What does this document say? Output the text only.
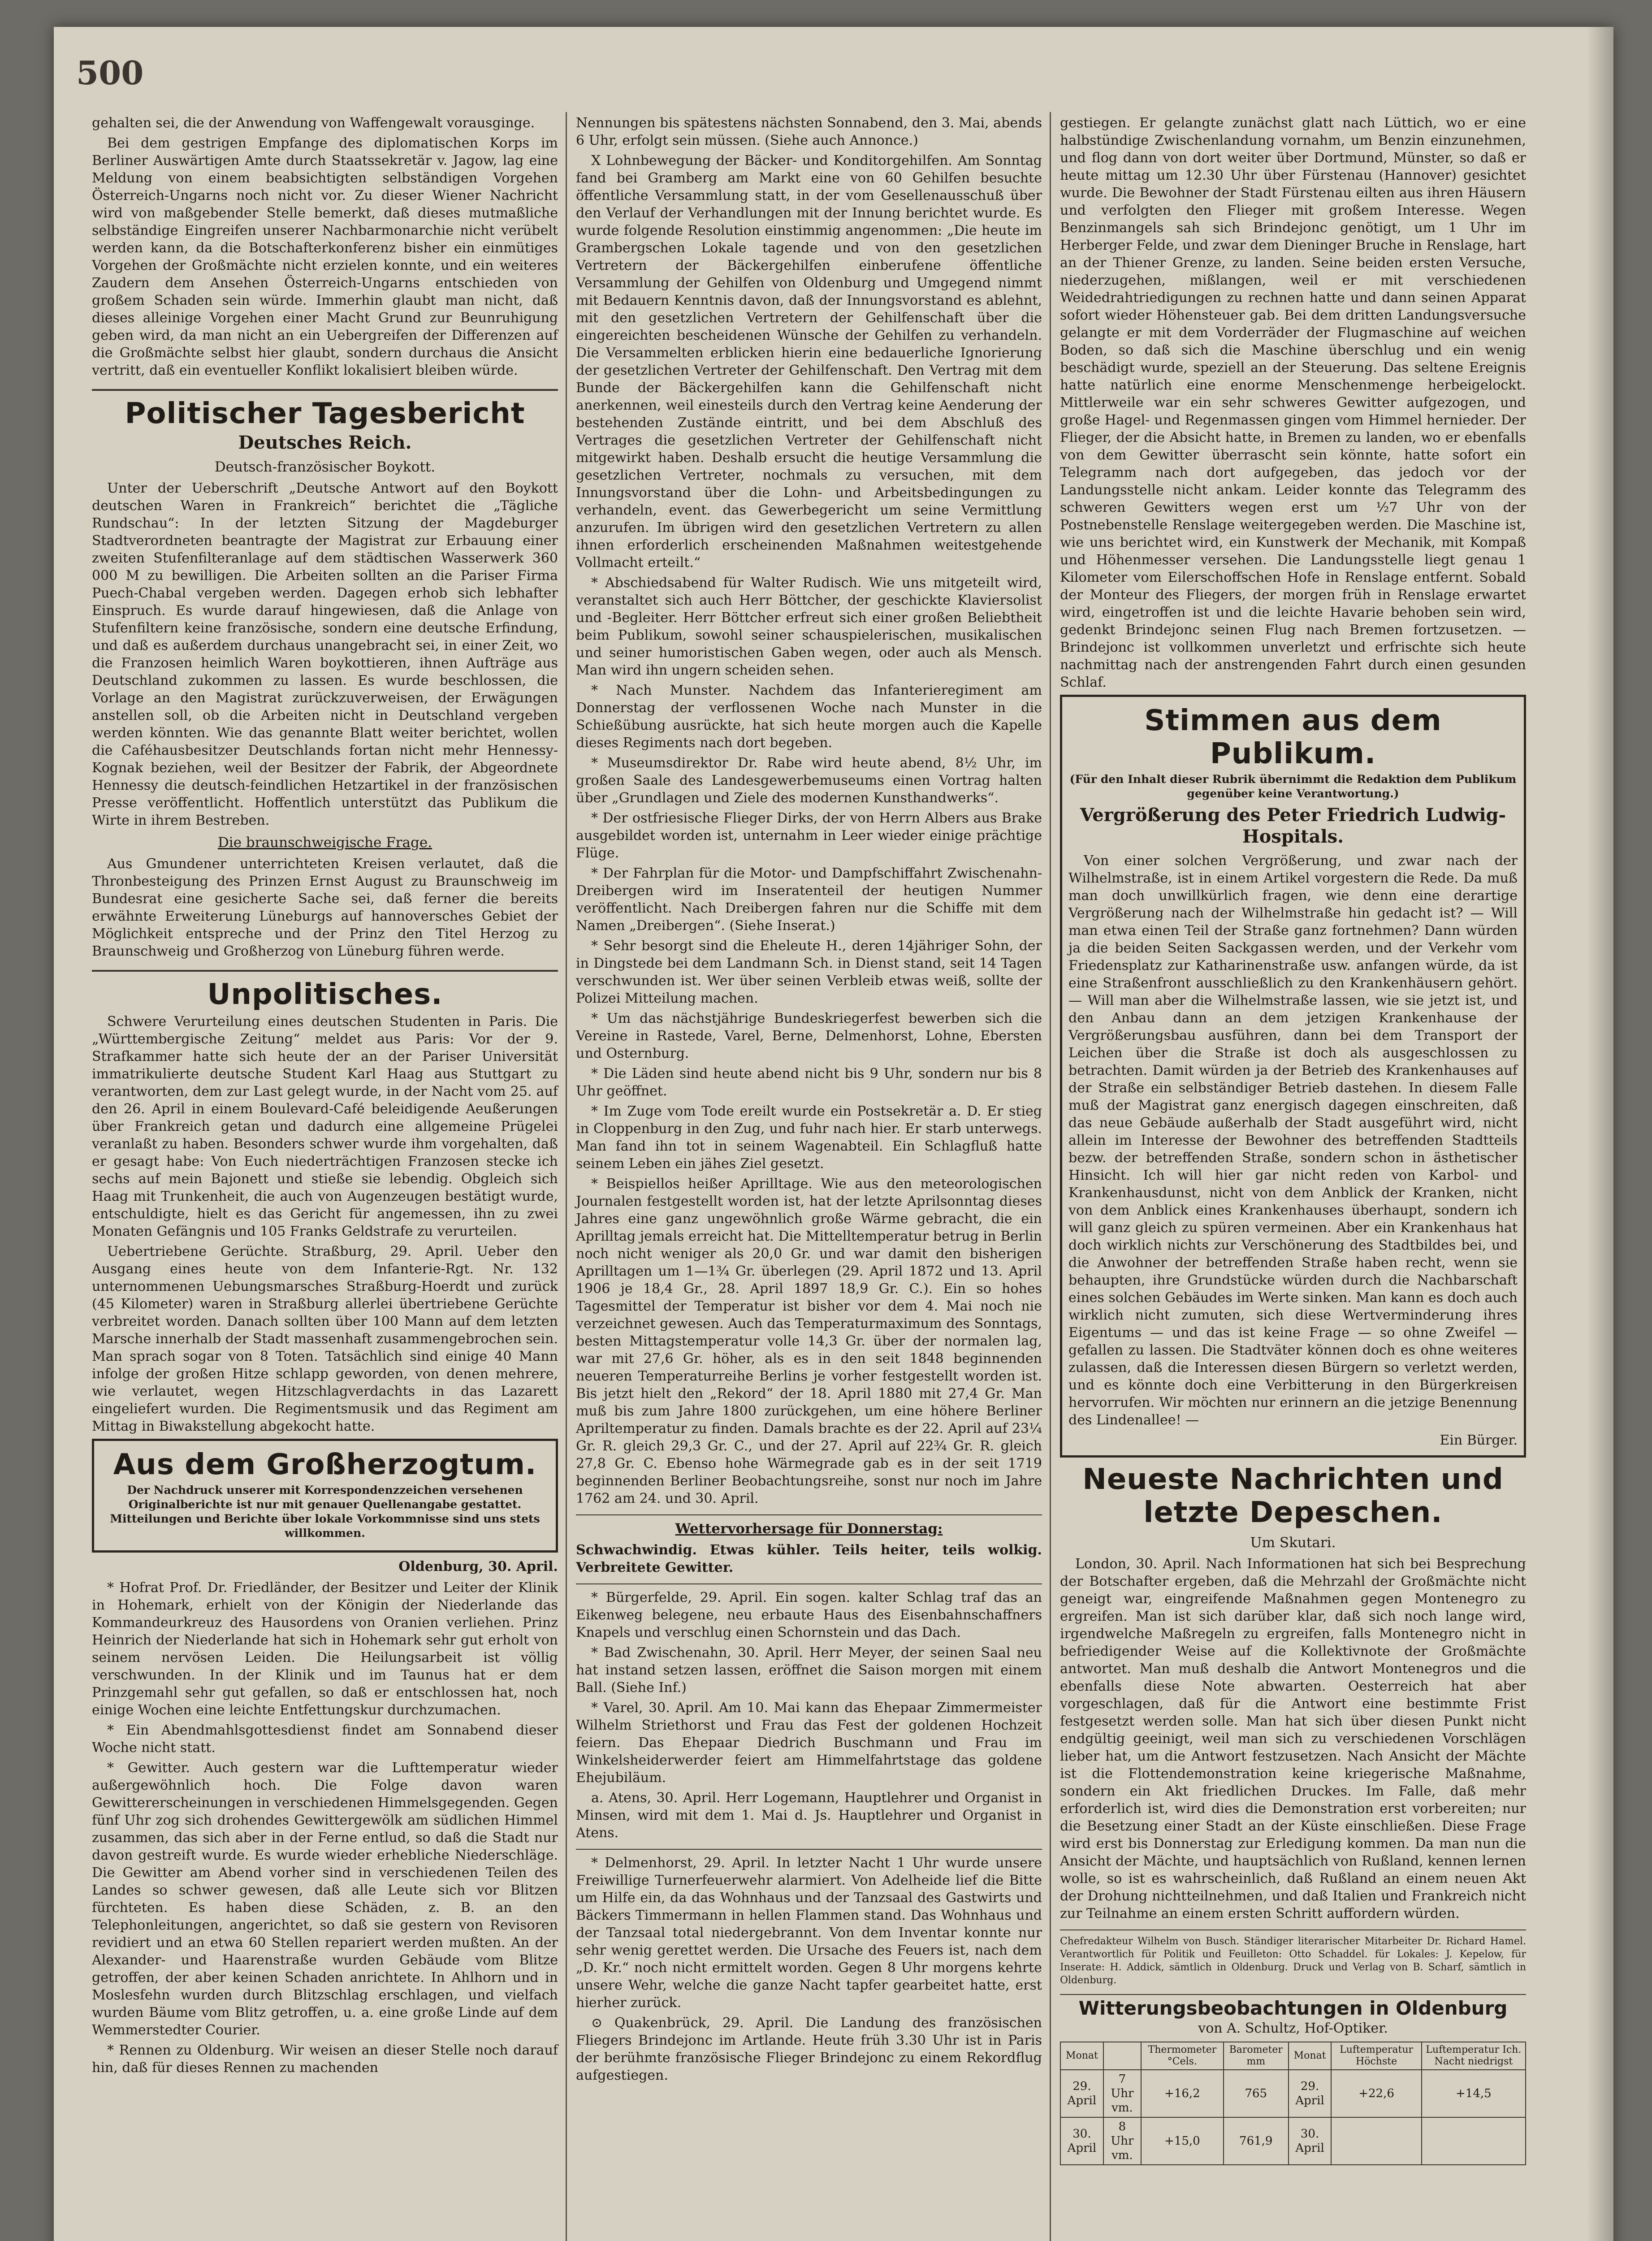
500

gehalten sei, die der Anwendung von Waffengewalt vorausginge.

Bei dem gestrigen Empfange des diplomatischen Korps im Berliner Auswärtigen Amte durch Staatssekretär v. Jagow, lag eine Meldung von einem beabsichtigten selbständigen Vorgehen Österreich-Ungarns noch nicht vor. Zu dieser Wiener Nachricht wird von maßgebender Stelle bemerkt, daß dieses mutmaßliche selbständige Eingreifen unserer Nachbarmonarchie nicht verübelt werden kann, da die Botschafterkonferenz bisher ein einmütiges Vorgehen der Großmächte nicht erzielen konnte, und ein weiteres Zaudern dem Ansehen Österreich-Ungarns entschieden von großem Schaden sein würde. Immerhin glaubt man nicht, daß dieses alleinige Vorgehen einer Macht Grund zur Beunruhigung geben wird, da man nicht an ein Uebergreifen der Differenzen auf die Großmächte selbst hier glaubt, sondern durchaus die Ansicht vertritt, daß ein eventueller Konflikt lokalisiert bleiben würde.

Politischer Tagesbericht
Deutsches Reich.
Deutsch-französischer Boykott.

Unter der Ueberschrift „Deutsche Antwort auf den Boykott deutschen Waren in Frankreich“ berichtet die „Tägliche Rundschau“: In der letzten Sitzung der Magdeburger Stadtverordneten beantragte der Magistrat zur Erbauung einer zweiten Stufenfilteranlage auf dem städtischen Wasserwerk 360 000 M zu bewilligen. Die Arbeiten sollten an die Pariser Firma Puech-Chabal vergeben werden. Dagegen erhob sich lebhafter Einspruch. Es wurde darauf hingewiesen, daß die Anlage von Stufenfiltern keine französische, sondern eine deutsche Erfindung, und daß es außerdem durchaus unangebracht sei, in einer Zeit, wo die Franzosen heimlich Waren boykottieren, ihnen Aufträge aus Deutschland zukommen zu lassen. Es wurde beschlossen, die Vorlage an den Magistrat zurückzuverweisen, der Erwägungen anstellen soll, ob die Arbeiten nicht in Deutschland vergeben werden könnten. Wie das genannte Blatt weiter berichtet, wollen die Caféhausbesitzer Deutschlands fortan nicht mehr Hennessy-Kognak beziehen, weil der Besitzer der Fabrik, der Abgeordnete Hennessy die deutsch-feindlichen Hetzartikel in der französischen Presse veröffentlicht. Hoffentlich unterstützt das Publikum die Wirte in ihrem Bestreben.

Die braunschweigische Frage.

Aus Gmundener unterrichteten Kreisen verlautet, daß die Thronbesteigung des Prinzen Ernst August zu Braunschweig im Bundesrat eine gesicherte Sache sei, daß ferner die bereits erwähnte Erweiterung Lüneburgs auf hannoversches Gebiet der Möglichkeit entspreche und der Prinz den Titel Herzog zu Braunschweig und Großherzog von Lüneburg führen werde.

Unpolitisches.

Schwere Verurteilung eines deutschen Studenten in Paris. Die „Württembergische Zeitung“ meldet aus Paris: Vor der 9. Strafkammer hatte sich heute der an der Pariser Universität immatrikulierte deutsche Student Karl Haag aus Stuttgart zu verantworten, dem zur Last gelegt wurde, in der Nacht vom 25. auf den 26. April in einem Boulevard-Café beleidigende Aeußerungen über Frankreich getan und dadurch eine allgemeine Prügelei veranlaßt zu haben. Besonders schwer wurde ihm vorgehalten, daß er gesagt habe: Von Euch niederträchtigen Franzosen stecke ich sechs auf mein Bajonett und stieße sie lebendig. Obgleich sich Haag mit Trunkenheit, die auch von Augenzeugen bestätigt wurde, entschuldigte, hielt es das Gericht für angemessen, ihn zu zwei Monaten Gefängnis und 105 Franks Geldstrafe zu verurteilen.

Uebertriebene Gerüchte. Straßburg, 29. April. Ueber den Ausgang eines heute von dem Infanterie-Rgt. Nr. 132 unternommenen Uebungsmarsches Straßburg-Hoerdt und zurück (45 Kilometer) waren in Straßburg allerlei übertriebene Gerüchte verbreitet worden. Danach sollten über 100 Mann auf dem letzten Marsche innerhalb der Stadt massenhaft zusammengebrochen sein. Man sprach sogar von 8 Toten. Tatsächlich sind einige 40 Mann infolge der großen Hitze schlapp geworden, von denen mehrere, wie verlautet, wegen Hitzschlagverdachts in das Lazarett eingeliefert wurden. Die Regimentsmusik und das Regiment am Mittag in Biwakstellung abgekocht hatte.

Aus dem Großherzogtum.
Der Nachdruck unserer mit Korrespondenzzeichen versehenen Originalberichte ist nur mit genauer Quellenangabe gestattet. Mitteilungen und Berichte über lokale Vorkommnisse sind uns stets willkommen.
Oldenburg, 30. April.

* Hofrat Prof. Dr. Friedländer, der Besitzer und Leiter der Klinik in Hohemark, erhielt von der Königin der Niederlande das Kommandeurkreuz des Hausordens von Oranien verliehen. Prinz Heinrich der Niederlande hat sich in Hohemark sehr gut erholt von seinem nervösen Leiden. Die Heilungsarbeit ist völlig verschwunden. In der Klinik und im Taunus hat er dem Prinzgemahl sehr gut gefallen, so daß er entschlossen hat, noch einige Wochen eine leichte Entfettungskur durchzumachen.

* Ein Abendmahlsgottesdienst findet am Sonnabend dieser Woche nicht statt.

* Gewitter. Auch gestern war die Lufttemperatur wieder außergewöhnlich hoch. Die Folge davon waren Gewittererscheinungen in verschiedenen Himmelsgegenden. Gegen fünf Uhr zog sich drohendes Gewittergewölk am südlichen Himmel zusammen, das sich aber in der Ferne entlud, so daß die Stadt nur davon gestreift wurde. Es wurde wieder erhebliche Niederschläge. Die Gewitter am Abend vorher sind in verschiedenen Teilen des Landes so schwer gewesen, daß alle Leute sich vor Blitzen fürchteten. Es haben diese Schäden, z. B. an den Telephonleitungen, angerichtet, so daß sie gestern von Revisoren revidiert und an etwa 60 Stellen repariert werden mußten. An der Alexander- und Haarenstraße wurden Gebäude vom Blitze getroffen, der aber keinen Schaden anrichtete. In Ahlhorn und in Moslesfehn wurden durch Blitzschlag erschlagen, und vielfach wurden Bäume vom Blitz getroffen, u. a. eine große Linde auf dem Wemmerstedter Courier.

* Rennen zu Oldenburg. Wir weisen an dieser Stelle noch darauf hin, daß für dieses Rennen zu machenden

Nennungen bis spätestens nächsten Sonnabend, den 3. Mai, abends 6 Uhr, erfolgt sein müssen. (Siehe auch Annonce.)

X Lohnbewegung der Bäcker- und Konditorgehilfen. Am Sonntag fand bei Gramberg am Markt eine von 60 Gehilfen besuchte öffentliche Versammlung statt, in der vom Gesellenausschuß über den Verlauf der Verhandlungen mit der Innung berichtet wurde. Es wurde folgende Resolution einstimmig angenommen: „Die heute im Grambergschen Lokale tagende und von den gesetzlichen Vertretern der Bäckergehilfen einberufene öffentliche Versammlung der Gehilfen von Oldenburg und Umgegend nimmt mit Bedauern Kenntnis davon, daß der Innungsvorstand es ablehnt, mit den gesetzlichen Vertretern der Gehilfenschaft über die eingereichten bescheidenen Wünsche der Gehilfen zu verhandeln. Die Versammelten erblicken hierin eine bedauerliche Ignorierung der gesetzlichen Vertreter der Gehilfenschaft. Den Vertrag mit dem Bunde der Bäckergehilfen kann die Gehilfenschaft nicht anerkennen, weil einesteils durch den Vertrag keine Aenderung der bestehenden Zustände eintritt, und bei dem Abschluß des Vertrages die gesetzlichen Vertreter der Gehilfenschaft nicht mitgewirkt haben. Deshalb ersucht die heutige Versammlung die gesetzlichen Vertreter, nochmals zu versuchen, mit dem Innungsvorstand über die Lohn- und Arbeitsbedingungen zu verhandeln, event. das Gewerbegericht um seine Vermittlung anzurufen. Im übrigen wird den gesetzlichen Vertretern zu allen ihnen erforderlich erscheinenden Maßnahmen weitestgehende Vollmacht erteilt.“

* Abschiedsabend für Walter Rudisch. Wie uns mitgeteilt wird, veranstaltet sich auch Herr Böttcher, der geschickte Klaviersolist und -Begleiter. Herr Böttcher erfreut sich einer großen Beliebtheit beim Publikum, sowohl seiner schauspielerischen, musikalischen und seiner humoristischen Gaben wegen, oder auch als Mensch. Man wird ihn ungern scheiden sehen.

* Nach Munster. Nachdem das Infanterieregiment am Donnerstag der verflossenen Woche nach Munster in die Schießübung ausrückte, hat sich heute morgen auch die Kapelle dieses Regiments nach dort begeben.

* Museumsdirektor Dr. Rabe wird heute abend, 8½ Uhr, im großen Saale des Landesgewerbemuseums einen Vortrag halten über „Grundlagen und Ziele des modernen Kunsthandwerks“.

* Der ostfriesische Flieger Dirks, der von Herrn Albers aus Brake ausgebildet worden ist, unternahm in Leer wieder einige prächtige Flüge.

* Der Fahrplan für die Motor- und Dampfschiffahrt Zwischenahn-Dreibergen wird im Inseratenteil der heutigen Nummer veröffentlicht. Nach Dreibergen fahren nur die Schiffe mit dem Namen „Dreibergen“. (Siehe Inserat.)

* Sehr besorgt sind die Eheleute H., deren 14jähriger Sohn, der in Dingstede bei dem Landmann Sch. in Dienst stand, seit 14 Tagen verschwunden ist. Wer über seinen Verbleib etwas weiß, sollte der Polizei Mitteilung machen.

* Um das nächstjährige Bundeskriegerfest bewerben sich die Vereine in Rastede, Varel, Berne, Delmenhorst, Lohne, Ebersten und Osternburg.

* Die Läden sind heute abend nicht bis 9 Uhr, sondern nur bis 8 Uhr geöffnet.

* Im Zuge vom Tode ereilt wurde ein Postsekretär a. D. Er stieg in Cloppenburg in den Zug, und fuhr nach hier. Er starb unterwegs. Man fand ihn tot in seinem Wagenabteil. Ein Schlagfluß hatte seinem Leben ein jähes Ziel gesetzt.

* Beispiellos heißer Aprilltage. Wie aus den meteorologischen Journalen festgestellt worden ist, hat der letzte Aprilsonntag dieses Jahres eine ganz ungewöhnlich große Wärme gebracht, die ein Aprilltag jemals erreicht hat. Die Mittelltemperatur betrug in Berlin noch nicht weniger als 20,0 Gr. und war damit den bisherigen Aprilltagen um 1—1¾ Gr. überlegen (29. April 1872 und 13. April 1906 je 18,4 Gr., 28. April 1897 18,9 Gr. C.). Ein so hohes Tagesmittel der Temperatur ist bisher vor dem 4. Mai noch nie verzeichnet gewesen. Auch das Temperaturmaximum des Sonntags, besten Mittagstemperatur volle 14,3 Gr. über der normalen lag, war mit 27,6 Gr. höher, als es in den seit 1848 beginnenden neueren Temperaturreihe Berlins je vorher festgestellt worden ist. Bis jetzt hielt den „Rekord“ der 18. April 1880 mit 27,4 Gr. Man muß bis zum Jahre 1800 zurückgehen, um eine höhere Berliner Apriltemperatur zu finden. Damals brachte es der 22. April auf 23¼ Gr. R. gleich 29,3 Gr. C., und der 27. April auf 22¾ Gr. R. gleich 27,8 Gr. C. Ebenso hohe Wärmegrade gab es in der seit 1719 beginnenden Berliner Beobachtungsreihe, sonst nur noch im Jahre 1762 am 24. und 30. April.

Wettervorhersage für Donnerstag:

Schwachwindig. Etwas kühler. Teils heiter, teils wolkig. Verbreitete Gewitter.

* Bürgerfelde, 29. April. Ein sogen. kalter Schlag traf das an Eikenweg belegene, neu erbaute Haus des Eisenbahnschaffners Knapels und verschlug einen Schornstein und das Dach.

* Bad Zwischenahn, 30. April. Herr Meyer, der seinen Saal neu hat instand setzen lassen, eröffnet die Saison morgen mit einem Ball. (Siehe Inf.)

* Varel, 30. April. Am 10. Mai kann das Ehepaar Zimmermeister Wilhelm Striethorst und Frau das Fest der goldenen Hochzeit feiern. Das Ehepaar Diedrich Buschmann und Frau im Winkelsheiderwerder feiert am Himmelfahrtstage das goldene Ehejubiläum.

a. Atens, 30. April. Herr Logemann, Hauptlehrer und Organist in Minsen, wird mit dem 1. Mai d. Js. Hauptlehrer und Organist in Atens.

* Delmenhorst, 29. April. In letzter Nacht 1 Uhr wurde unsere Freiwillige Turnerfeuerwehr alarmiert. Von Adelheide lief die Bitte um Hilfe ein, da das Wohnhaus und der Tanzsaal des Gastwirts und Bäckers Timmermann in hellen Flammen stand. Das Wohnhaus und der Tanzsaal total niedergebrannt. Von dem Inventar konnte nur sehr wenig gerettet werden. Die Ursache des Feuers ist, nach dem „D. Kr.“ noch nicht ermittelt worden. Gegen 8 Uhr morgens kehrte unsere Wehr, welche die ganze Nacht tapfer gearbeitet hatte, erst hierher zurück.

⊙ Quakenbrück, 29. April. Die Landung des französischen Fliegers Brindejonc im Artlande. Heute früh 3.30 Uhr ist in Paris der berühmte französische Flieger Brindejonc zu einem Rekordflug aufgestiegen.

gestiegen. Er gelangte zunächst glatt nach Lüttich, wo er eine halbstündige Zwischenlandung vornahm, um Benzin einzunehmen, und flog dann von dort weiter über Dortmund, Münster, so daß er heute mittag um 12.30 Uhr über Fürstenau (Hannover) gesichtet wurde. Die Bewohner der Stadt Fürstenau eilten aus ihren Häusern und verfolgten den Flieger mit großem Interesse. Wegen Benzinmangels sah sich Brindejonc genötigt, um 1 Uhr im Herberger Felde, und zwar dem Dieninger Bruche in Renslage, hart an der Thiener Grenze, zu landen. Seine beiden ersten Versuche, niederzugehen, mißlangen, weil er mit verschiedenen Weidedrahtriedigungen zu rechnen hatte und dann seinen Apparat sofort wieder Höhensteuer gab. Bei dem dritten Landungsversuche gelangte er mit dem Vorderräder der Flugmaschine auf weichen Boden, so daß sich die Maschine überschlug und ein wenig beschädigt wurde, speziell an der Steuerung. Das seltene Ereignis hatte natürlich eine enorme Menschenmenge herbeigelockt. Mittlerweile war ein sehr schweres Gewitter aufgezogen, und große Hagel- und Regenmassen gingen vom Himmel hernieder. Der Flieger, der die Absicht hatte, in Bremen zu landen, wo er ebenfalls von dem Gewitter überrascht sein könnte, hatte sofort ein Telegramm nach dort aufgegeben, das jedoch vor der Landungsstelle nicht ankam. Leider konnte das Telegramm des schweren Gewitters wegen erst um ½7 Uhr von der Postnebenstelle Renslage weitergegeben werden. Die Maschine ist, wie uns berichtet wird, ein Kunstwerk der Mechanik, mit Kompaß und Höhenmesser versehen. Die Landungsstelle liegt genau 1 Kilometer vom Eilerschoffschen Hofe in Renslage entfernt. Sobald der Monteur des Fliegers, der morgen früh in Renslage erwartet wird, eingetroffen ist und die leichte Havarie behoben sein wird, gedenkt Brindejonc seinen Flug nach Bremen fortzusetzen. — Brindejonc ist vollkommen unverletzt und erfrischte sich heute nachmittag nach der anstrengenden Fahrt durch einen gesunden Schlaf.

Stimmen aus dem Publikum.
(Für den Inhalt dieser Rubrik übernimmt die Redaktion dem Publikum gegenüber keine Verantwortung.)
Vergrößerung des Peter Friedrich Ludwig-Hospitals.

Von einer solchen Vergrößerung, und zwar nach der Wilhelmstraße, ist in einem Artikel vorgestern die Rede. Da muß man doch unwillkürlich fragen, wie denn eine derartige Vergrößerung nach der Wilhelmstraße hin gedacht ist? — Will man etwa einen Teil der Straße ganz fortnehmen? Dann würden ja die beiden Seiten Sackgassen werden, und der Verkehr vom Friedensplatz zur Katharinenstraße usw. anfangen würde, da ist eine Straßenfront ausschließlich zu den Krankenhäusern gehört. — Will man aber die Wilhelmstraße lassen, wie sie jetzt ist, und den Anbau dann an dem jetzigen Krankenhause der Vergrößerungsbau ausführen, dann bei dem Transport der Leichen über die Straße ist doch als ausgeschlossen zu betrachten. Damit würden ja der Betrieb des Krankenhauses auf der Straße ein selbständiger Betrieb dastehen. In diesem Falle muß der Magistrat ganz energisch dagegen einschreiten, daß das neue Gebäude außerhalb der Stadt ausgeführt wird, nicht allein im Interesse der Bewohner des betreffenden Stadtteils bezw. der betreffenden Straße, sondern schon in ästhetischer Hinsicht. Ich will hier gar nicht reden von Karbol- und Krankenhausdunst, nicht von dem Anblick der Kranken, nicht von dem Anblick eines Krankenhauses überhaupt, sondern ich will ganz gleich zu spüren vermeinen. Aber ein Krankenhaus hat doch wirklich nichts zur Verschönerung des Stadtbildes bei, und die Anwohner der betreffenden Straße haben recht, wenn sie behaupten, ihre Grundstücke würden durch die Nachbarschaft eines solchen Gebäudes im Werte sinken. Man kann es doch auch wirklich nicht zumuten, sich diese Wertverminderung ihres Eigentums — und das ist keine Frage — so ohne Zweifel — gefallen zu lassen. Die Stadtväter können doch es ohne weiteres zulassen, daß die Interessen diesen Bürgern so verletzt werden, und es könnte doch eine Verbitterung in den Bürgerkreisen hervorrufen. Wir möchten nur erinnern an die jetzige Benennung des Lindenallee! —

Ein Bürger.
Neueste Nachrichten und letzte Depeschen.
Um Skutari.

London, 30. April. Nach Informationen hat sich bei Besprechung der Botschafter ergeben, daß die Mehrzahl der Großmächte nicht geneigt war, eingreifende Maßnahmen gegen Montenegro zu ergreifen. Man ist sich darüber klar, daß sich noch lange wird, irgendwelche Maßregeln zu ergreifen, falls Montenegro nicht in befriedigender Weise auf die Kollektivnote der Großmächte antwortet. Man muß deshalb die Antwort Montenegros und die ebenfalls diese Note abwarten. Oesterreich hat aber vorgeschlagen, daß für die Antwort eine bestimmte Frist festgesetzt werden solle. Man hat sich über diesen Punkt nicht endgültig geeinigt, weil man sich zu verschiedenen Vorschlägen lieber hat, um die Antwort festzusetzen. Nach Ansicht der Mächte ist die Flottendemonstration keine kriegerische Maßnahme, sondern ein Akt friedlichen Druckes. Im Falle, daß mehr erforderlich ist, wird dies die Demonstration erst vorbereiten; nur die Besetzung einer Stadt an der Küste einschließen. Diese Frage wird erst bis Donnerstag zur Erledigung kommen. Da man nun die Ansicht der Mächte, und hauptsächlich von Rußland, kennen lernen wolle, so ist es wahrscheinlich, daß Rußland an einem neuen Akt der Drohung nichtteilnehmen, und daß Italien und Frankreich nicht zur Teilnahme an einem ersten Schritt auffordern würden.

Chefredakteur Wilhelm von Busch. Ständiger literarischer Mitarbeiter Dr. Richard Hamel. Verantwortlich für Politik und Feuilleton: Otto Schaddel. für Lokales: J. Kepelow, für Inserate: H. Addick, sämtlich in Oldenburg. Druck und Verlag von B. Scharf, sämtlich in Oldenburg.

Witterungsbeobachtungen in Oldenburg
von A. Schultz, Hof-Optiker.
Monat		Thermometer °Cels.	Barometer mm	Monat	Luftemperatur Höchste	Luftemperatur Ich. Nacht niedrigst
29. April	7 Uhr vm.	+16,2	765	29. April	+22,6	+14,5
30. April	8 Uhr vm.	+15,0	761,9	30. April		
